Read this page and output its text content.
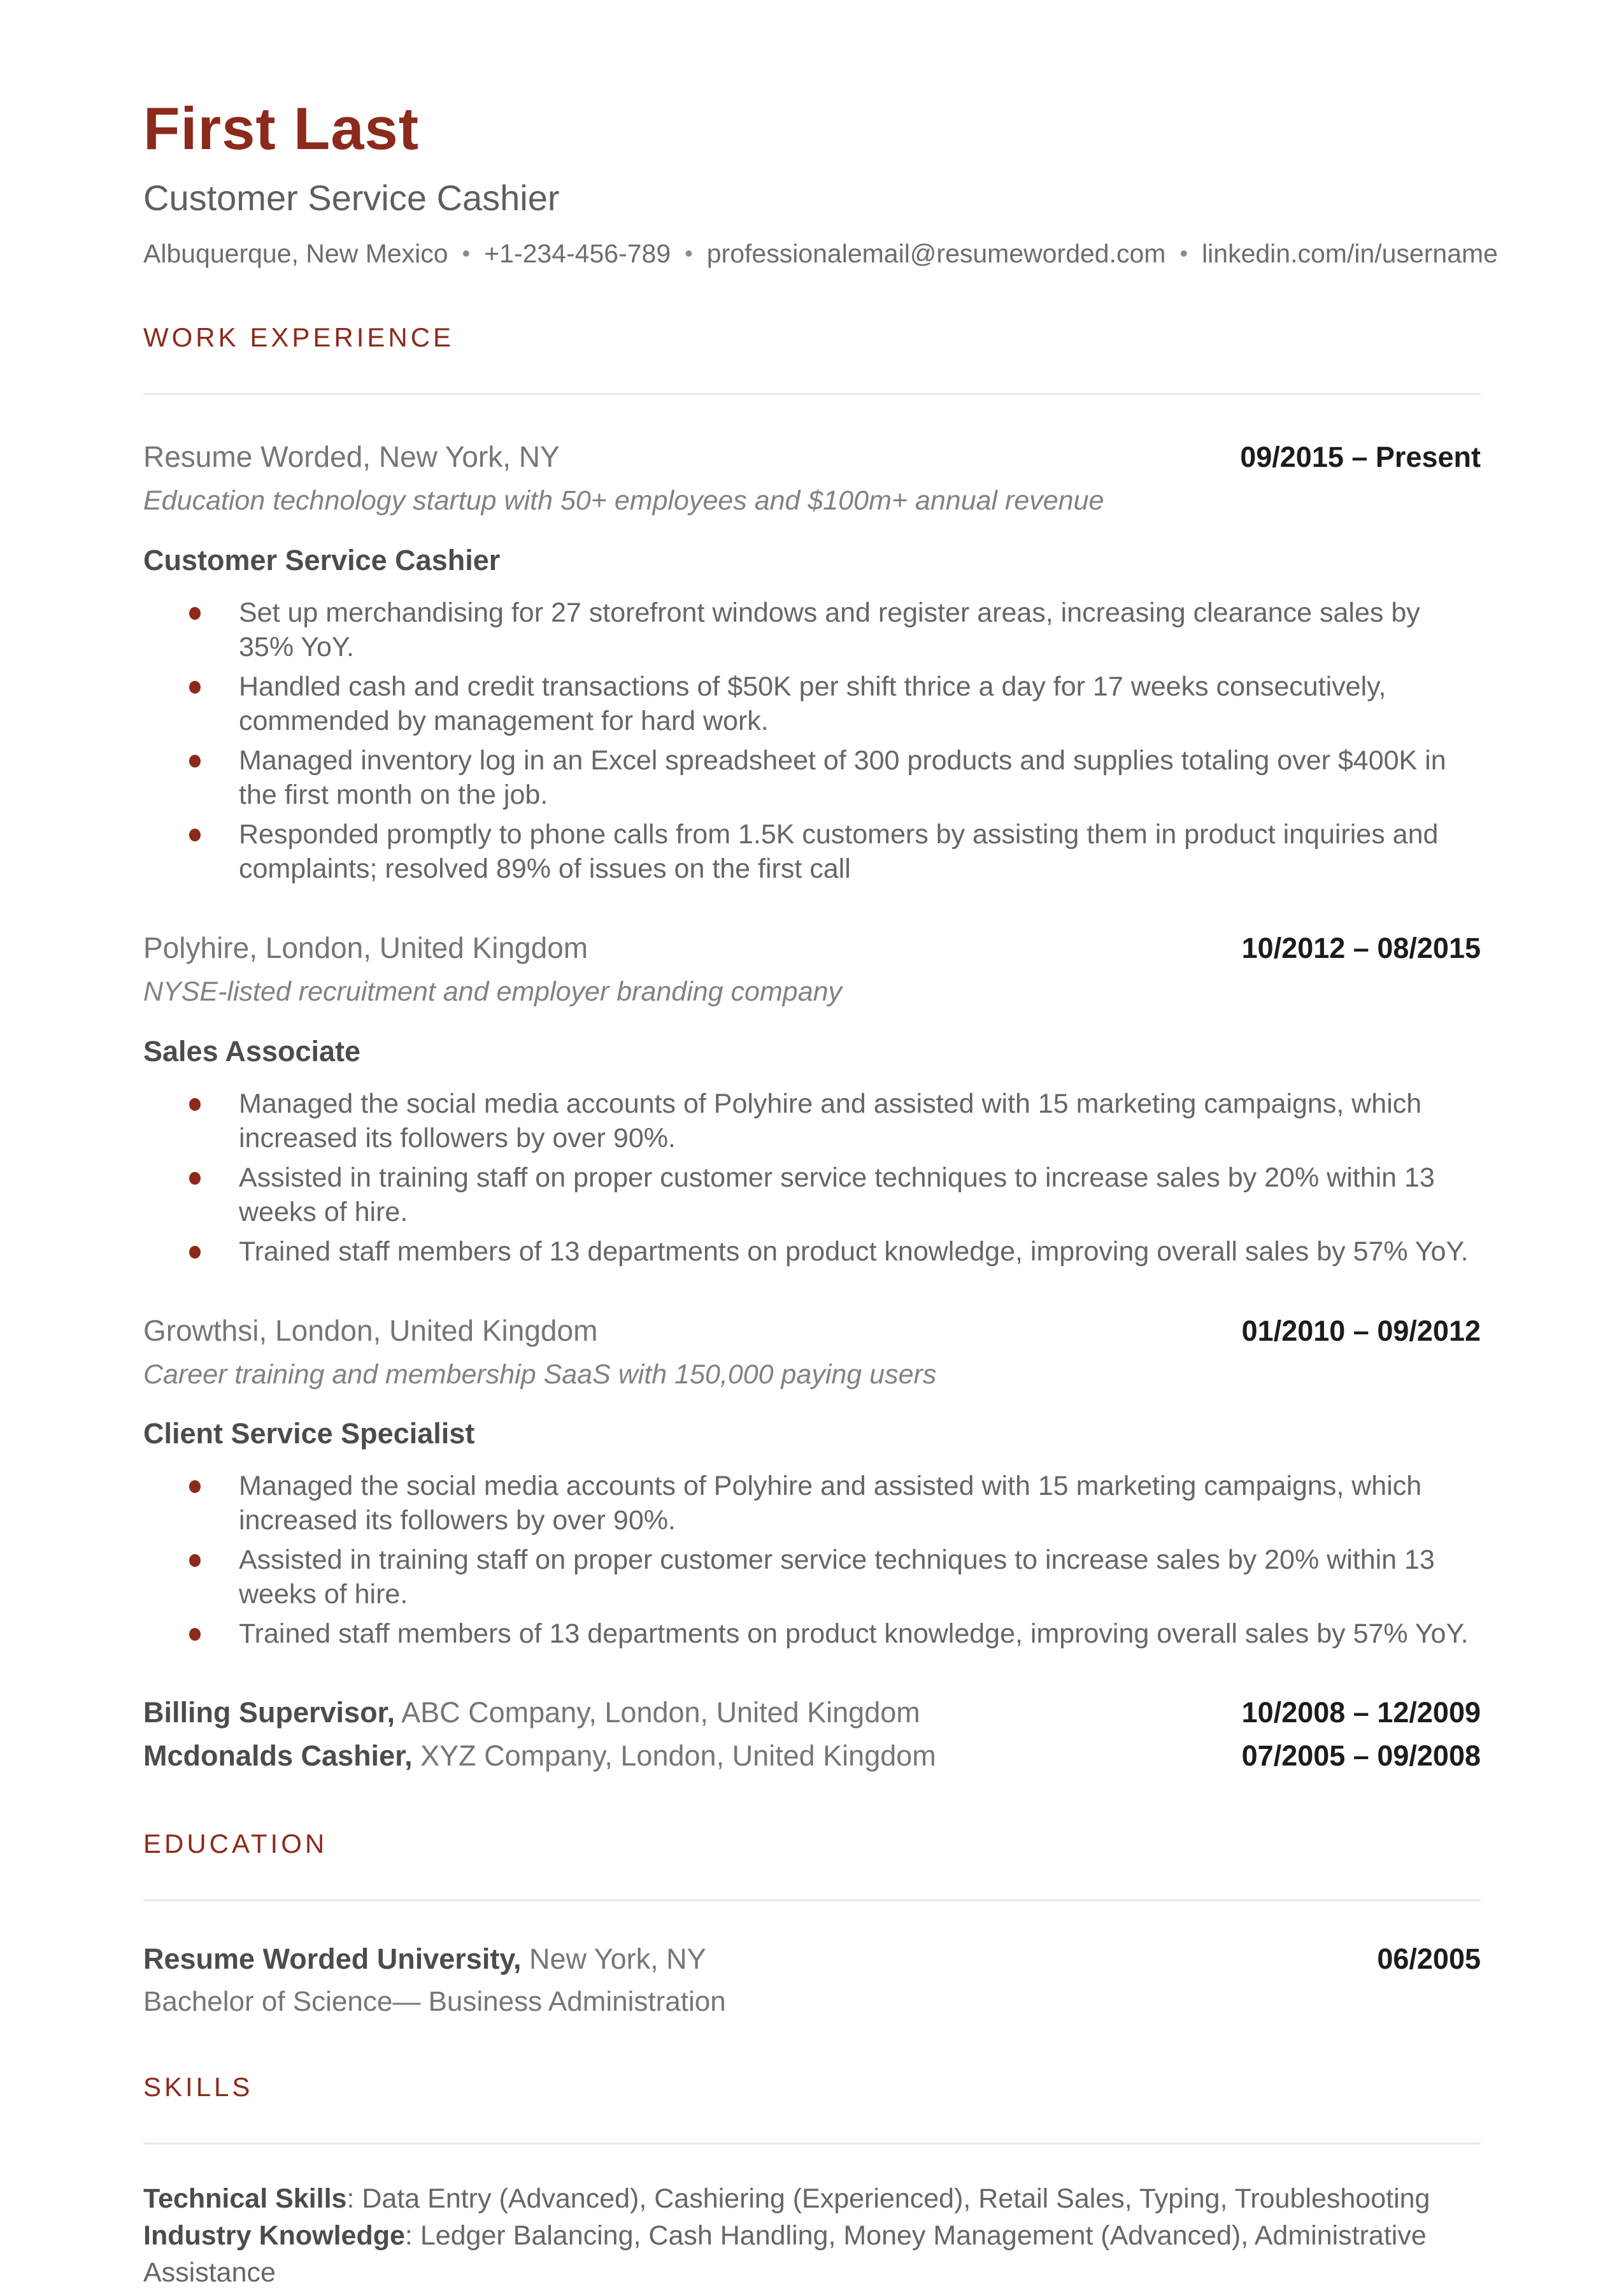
First Last
Customer Service Cashier
Albuquerque, New Mexico • +1-234-456-789 • professionalemail@resumeworded.com • linkedin.com/in/username
WORK EXPERIENCE
Resume Worded, New York, NY	09/2015 – Present
Education technology startup with 50+ employees and $100m+ annual revenue
Customer Service Cashier
Set up merchandising for 27 storefront windows and register areas, increasing clearance sales by 35% YoY.
Handled cash and credit transactions of $50K per shift thrice a day for 17 weeks consecutively, commended by management for hard work.
Managed inventory log in an Excel spreadsheet of 300 products and supplies totaling over $400K in the first month on the job.
Responded promptly to phone calls from 1.5K customers by assisting them in product inquiries and complaints; resolved 89% of issues on the first call
Polyhire, London, United Kingdom	10/2012 – 08/2015
NYSE-listed recruitment and employer branding company
Sales Associate
Managed the social media accounts of Polyhire and assisted with 15 marketing campaigns, which increased its followers by over 90%.
Assisted in training staff on proper customer service techniques to increase sales by 20% within 13 weeks of hire.
Trained staff members of 13 departments on product knowledge, improving overall sales by 57% YoY.
Growthsi, London, United Kingdom	01/2010 – 09/2012
Career training and membership SaaS with 150,000 paying users
Client Service Specialist
Managed the social media accounts of Polyhire and assisted with 15 marketing campaigns, which increased its followers by over 90%.
Assisted in training staff on proper customer service techniques to increase sales by 20% within 13 weeks of hire.
Trained staff members of 13 departments on product knowledge, improving overall sales by 57% YoY.
Billing Supervisor, ABC Company, London, United Kingdom	10/2008 – 12/2009
Mcdonalds Cashier, XYZ Company, London, United Kingdom	07/2005 – 09/2008
EDUCATION
Resume Worded University, New York, NY	06/2005
Bachelor of Science— Business Administration
SKILLS
Technical Skills: Data Entry (Advanced), Cashiering (Experienced), Retail Sales, Typing, Troubleshooting
Industry Knowledge: Ledger Balancing, Cash Handling, Money Management (Advanced), Administrative Assistance
